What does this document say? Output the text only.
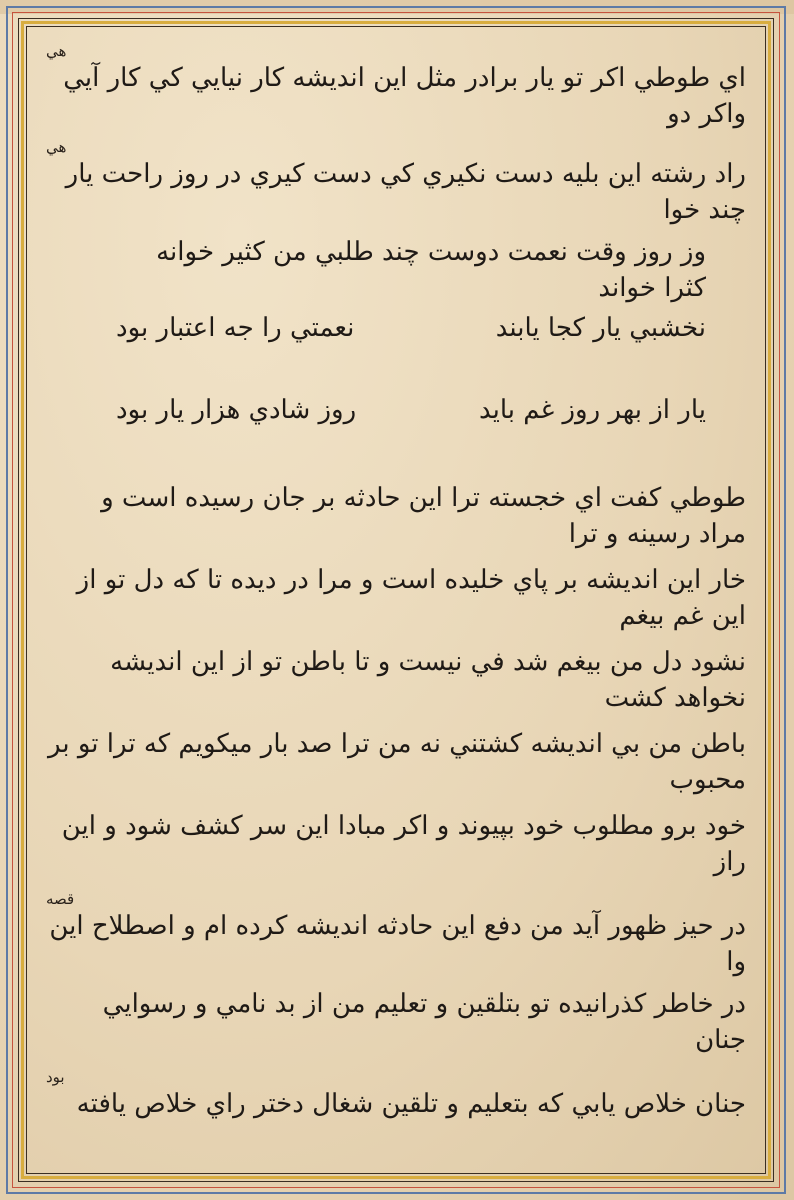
هي
اي طوطي اكر تو يار برادر مثل اين انديشه كار نيايي كي كار آيي واكر دو
هي
راد رشته اين بليه دست نكيري كي دست كيري در روز راحت يار چند خوا
وز روز وقت نعمت دوست چند طلبي من كثير خوانه كثرا خواند
نخشبي يار كجا يابند
نعمتي را جه اعتبار بود
يار از بهر روز غم بايد
روز شادي هزار يار بود
طوطي كفت اي خجسته ترا اين حادثه بر جان رسيده است و مراد رسينه و ترا
خار اين انديشه بر پاي خليده است و مرا در ديده تا كه دل تو از اين غم بيغم
نشود دل من بيغم شد في نيست و تا باطن تو از اين انديشه نخواهد كشت
باطن من بي انديشه كشتني نه من ترا صد بار ميكويم كه ترا تو بر محبوب
خود برو مطلوب خود بپيوند و اكر مبادا اين سر كشف شود و اين راز
قصه
در حيز ظهور آيد من دفع اين حادثه انديشه كرده ام و اصطلاح اين وا
در خاطر كذرانيده تو بتلقين و تعليم من از بد نامي و رسوايي جنان
بود
جنان خلاص يابي كه بتعليم و تلقين شغال دختر راي خلاص يافته
